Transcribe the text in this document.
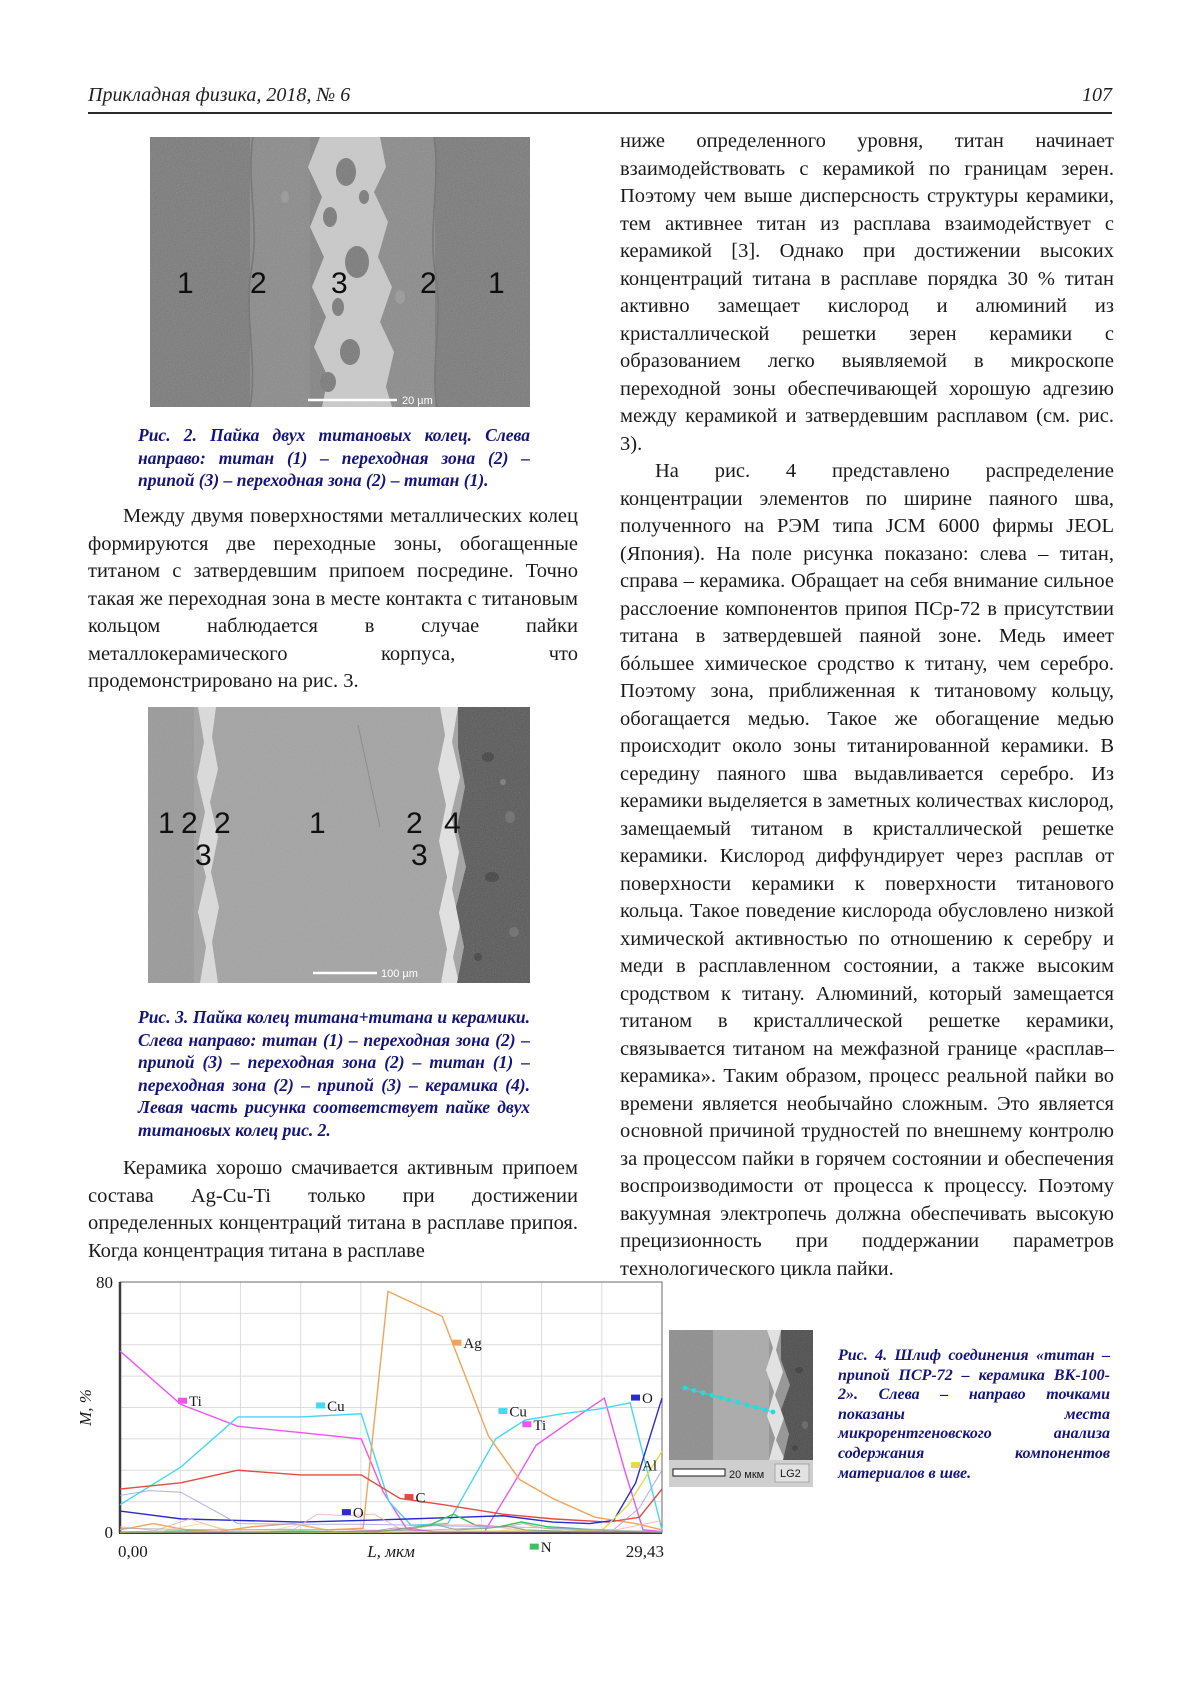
Прикладная физика, 2018, № 6	107
1 2 3 2 1
20 µm

Рис. 2. Пайка двух титановых колец. Слева направо: титан (1) – переходная зона (2) – припой (3) – переходная зона (2) – титан (1).

Между двумя поверхностями металлических колец формируются две переходные зоны, обогащенные титаном с затвердевшим припоем посредине. Точно такая же переходная зона в месте контакта с титановым кольцом наблюдается в случае пайки металлокерамического корпуса, что продемонстрировано на рис. 3.

1 2 2
3
1	2 4
3
100 µm

Рис. 3. Пайка колец титана+титана и керамики. Слева направо: титан (1) – переходная зона (2) – припой (3) – переходная зона (2) – титан (1) – переходная зона (2) – припой (3) – керамика (4). Левая часть рисунка соответствует пайке двух титановых колец рис. 2.

Керамика хорошо смачивается активным припоем состава Ag-Cu-Ti только при достижении определенных концентраций титана в расплаве припоя. Когда концентрация титана в расплаве

ниже определенного уровня, титан начинает взаимодействовать с керамикой по границам зерен. Поэтому чем выше дисперсность структуры керамики, тем активнее титан из расплава взаимодействует с керамикой [3]. Однако при достижении высоких концентраций титана в расплаве порядка 30 % титан активно замещает кислород и алюминий из кристаллической решетки зерен керамики с образованием легко выявляемой в микроскопе переходной зоны обеспечивающей хорошую адгезию между керамикой и затвердевшим расплавом (см. рис. 3).

На рис. 4 представлено распределение концентрации элементов по ширине паяного шва, полученного на РЭМ типа JCM 6000 фирмы JEOL (Япония). На поле рисунка показано: слева – титан, справа – керамика. Обращает на себя внимание сильное расслоение компонентов припоя ПСр-72 в присутствии титана в затвердевшей паяной зоне. Медь имеет бóльшее химическое сродство к титану, чем серебро. Поэтому зона, приближенная к титановому кольцу, обогащается медью. Такое же обогащение медью происходит около зоны титанированной керамики. В середину паяного шва выдавливается серебро. Из керамики выделяется в заметных количествах кислород, замещаемый титаном в кристаллической решетке керамики. Кислород диффундирует через расплав от поверхности керамики к поверхности титанового кольца. Такое поведение кислорода обусловлено низкой химической активностью по отношению к серебру и меди в расплавленном состоянии, а также высоким сродством к титану. Алюминий, который замещается титаном в кристаллической решетке керамики, связывается титаном на межфазной границе «расплав–керамика». Таким образом, процесс реальной пайки во времени является необычайно сложным. Это является основной причиной трудностей по внешнему контролю за процессом пайки в горячем состоянии и обеспечения воспроизводимости от процесса к процессу. Поэтому вакуумная электропечь должна обеспечивать высокую прецизионность при поддержании параметров технологического цикла пайки.

Ti	Cu
Ag
C
O
N
Cu
Ti
O
Al
80
0
0,00	29,43
L, мкм
M, %
20 мкм LG2

Рис. 4. Шлиф соединения «титан – припой ПСР-72 – керамика ВК-100-2». Слева – направо точками показаны места микрорентгеновского анализа содержания компонентов материалов в шве.
